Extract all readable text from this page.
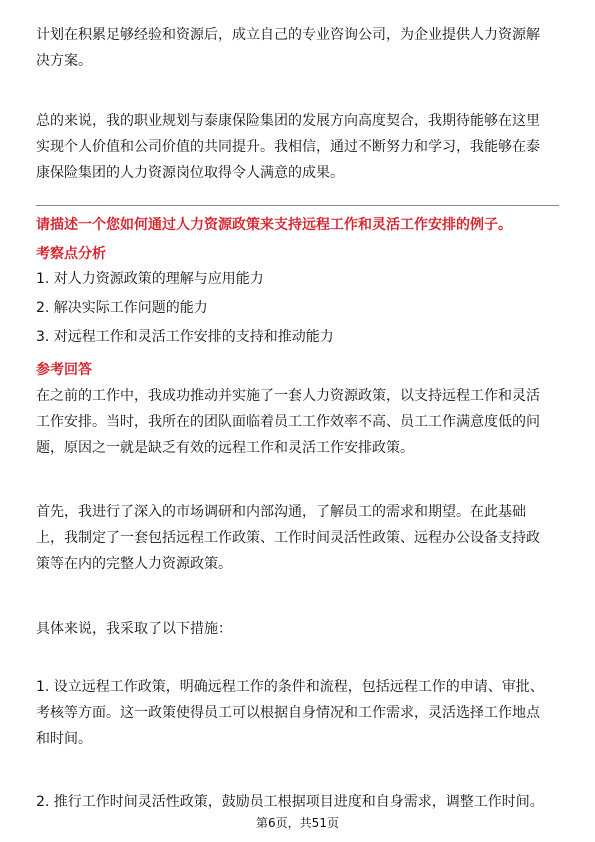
计划在积累足够经验和资源后，成立自己的专业咨询公司，为企业提供人力资源解
决方案。

总的来说，我的职业规划与泰康保险集团的发展方向高度契合，我期待能够在这里
实现个人价值和公司价值的共同提升。我相信，通过不断努力和学习，我能够在泰
康保险集团的人力资源岗位取得令人满意的成果。

请描述一个您如何通过人力资源政策来支持远程工作和灵活工作安排的例子。

考察点分析

1. 对人力资源政策的理解与应用能力

2. 解决实际工作问题的能力

3. 对远程工作和灵活工作安排的支持和推动能力

参考回答

在之前的工作中，我成功推动并实施了一套人力资源政策，以支持远程工作和灵活
工作安排。当时，我所在的团队面临着员工工作效率不高、员工工作满意度低的问
题，原因之一就是缺乏有效的远程工作和灵活工作安排政策。

首先，我进行了深入的市场调研和内部沟通，了解员工的需求和期望。在此基础
上，我制定了一套包括远程工作政策、工作时间灵活性政策、远程办公设备支持政
策等在内的完整人力资源政策。

具体来说，我采取了以下措施：

1. 设立远程工作政策，明确远程工作的条件和流程，包括远程工作的申请、审批、
考核等方面。这一政策使得员工可以根据自身情况和工作需求，灵活选择工作地点
和时间。

2. 推行工作时间灵活性政策，鼓励员工根据项目进度和自身需求，调整工作时间。

第6页，共51页
